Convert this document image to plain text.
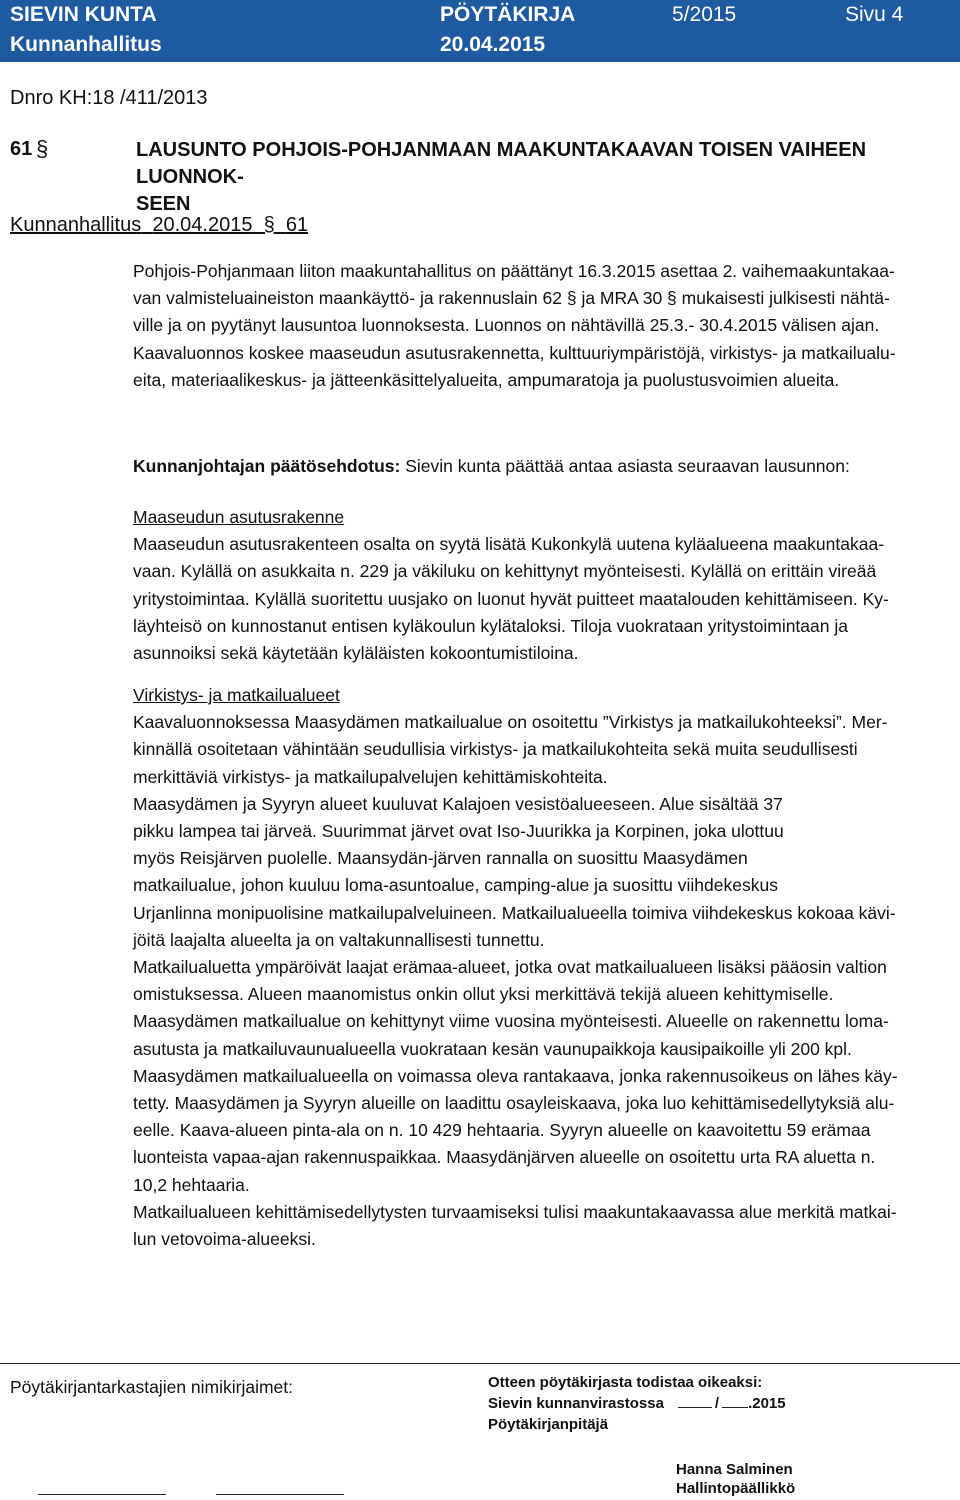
SIEVIN KUNTA	PÖYTÄKIRJA	5/2015	Sivu 4
Kunnanhallitus	20.04.2015
Dnro KH:18 /411/2013
61 §	LAUSUNTO POHJOIS-POHJANMAAN MAAKUNTAKAAVAN TOISEN VAIHEEN LUONNOK-
SEEN
Kunnanhallitus 20.04.2015 § 61
Pohjois-Pohjanmaan liiton maakuntahallitus on päättänyt 16.3.2015 asettaa 2. vaihemaakuntakaa-
van valmisteluaineiston maankäyttö- ja rakennuslain 62 § ja MRA 30 § mukaisesti julkisesti nähtä-
ville ja on pyytänyt lausuntoa luonnoksesta. Luonnos on nähtävillä 25.3.- 30.4.2015 välisen ajan.
Kaavaluonnos koskee maaseudun asutusrakennetta, kulttuuriympäristöjä, virkistys- ja matkailualu-
eita, materiaalikeskus- ja jätteenkäsittelyalueita, ampumaratoja ja puolustusvoimien alueita.
Kunnanjohtajan päätösehdotus: Sievin kunta päättää antaa asiasta seuraavan lausunnon:
Maaseudun asutusrakenne
Maaseudun asutusrakenteen osalta on syytä lisätä Kukonkylä uutena kyläalueena maakuntakaa-
vaan. Kylällä on asukkaita n. 229 ja väkiluku on kehittynyt myönteisesti. Kylällä on erittäin vireää
yritystoimintaa. Kylällä suoritettu uusjako on luonut hyvät puitteet maatalouden kehittämiseen. Ky-
läyhteisö on kunnostanut entisen kyläkoulun kylätaloksi. Tiloja vuokrataan yritystoimintaan ja
asunnoiksi sekä käytetään kyläläisten kokoontumistiloina.
Virkistys- ja matkailualueet
Kaavaluonnoksessa Maasydämen matkailualue on osoitettu ”Virkistys ja matkailukohteeksi”. Mer-
kinnällä osoitetaan vähintään seudullisia virkistys- ja matkailukohteita sekä muita seudullisesti
merkittäviä virkistys- ja matkailupalvelujen kehittämiskohteita.
Maasydämen ja Syyryn alueet kuuluvat Kalajoen vesistöalueeseen. Alue sisältää 37
pikku lampea tai järveä. Suurimmat järvet ovat Iso-Juurikka ja Korpinen, joka ulottuu
myös Reisjärven puolelle. Maansydän-järven rannalla on suosittu Maasydämen
matkailualue, johon kuuluu loma-asuntoalue, camping-alue ja suosittu viihdekeskus
Urjanlinna monipuolisine matkailupalveluineen. Matkailualueella toimiva viihdekeskus kokoaa kävi-
jöitä laajalta alueelta ja on valtakunnallisesti tunnettu.
Matkailualuetta ympäröivät laajat erämaa-alueet, jotka ovat matkailualueen lisäksi pääosin valtion
omistuksessa. Alueen maanomistus onkin ollut yksi merkittävä tekijä alueen kehittymiselle.
Maasydämen matkailualue on kehittynyt viime vuosina myönteisesti. Alueelle on rakennettu loma-
asutusta ja matkailuvaunualueella vuokrataan kesän vaunupaikkoja kausipaikoille yli 200 kpl.
Maasydämen matkailualueella on voimassa oleva rantakaava, jonka rakennusoikeus on lähes käy-
tetty. Maasydämen ja Syyryn alueille on laadittu osayleiskaava, joka luo kehittämisedellytyksiä alu-
eelle. Kaava-alueen pinta-ala on n. 10 429 hehtaaria. Syyryn alueelle on kaavoitettu 59 erämaa
luonteista vapaa-ajan rakennuspaikkaa. Maasydänjärven alueelle on osoitettu urta RA aluetta n.
10,2 hehtaaria.
Matkailualueen kehittämisedellytysten turvaamiseksi tulisi maakuntakaavassa alue merkitä matkai-
lun vetovoima-alueeksi.
Pöytäkirjantarkastajien nimikirjaimet:	Otteen pöytäkirjasta todistaa oikeaksi:
Sievin kunnanvirastossa	/ .2015
Pöytäkirjanpitäjä
Hanna Salminen
Hallintopäällikkö
